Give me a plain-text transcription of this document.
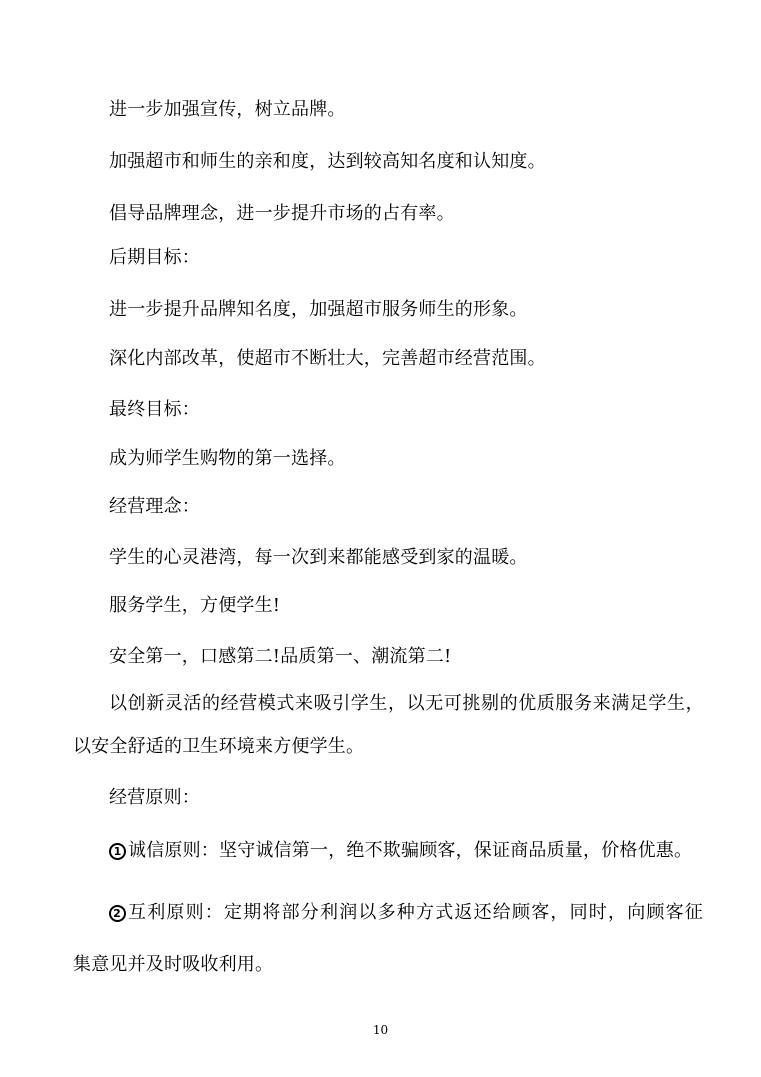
进一步加强宣传，树立品牌。
加强超市和师生的亲和度，达到较高知名度和认知度。
倡导品牌理念，进一步提升市场的占有率。
后期目标：
进一步提升品牌知名度，加强超市服务师生的形象。
深化内部改革，使超市不断壮大，完善超市经营范围。
最终目标：
成为师学生购物的第一选择。
经营理念：
学生的心灵港湾，每一次到来都能感受到家的温暖。
服务学生，方便学生!
安全第一，口感第二!品质第一、潮流第二!
以创新灵活的经营模式来吸引学生，以无可挑剔的优质服务来满足学生，
以安全舒适的卫生环境来方便学生。
经营原则：
1 诚信原则：坚守诚信第一，绝不欺骗顾客，保证商品质量，价格优惠。
2 互利原则：定期将部分利润以多种方式返还给顾客，同时，向顾客征
集意见并及时吸收利用。
10
